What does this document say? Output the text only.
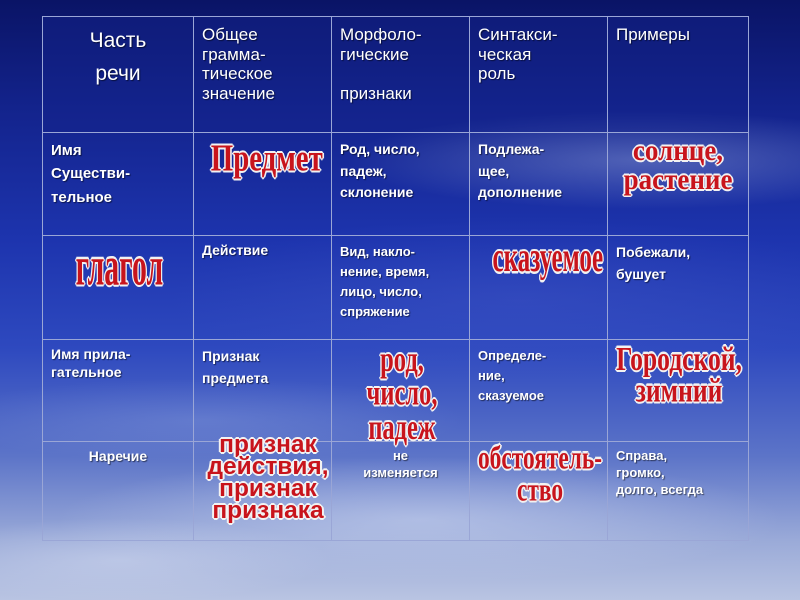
Часть
речи	Общее
грамма-
тическое
значение	Морфоло-
гические

признаки	Синтакси-
ческая
роль	Примеры

Имя
Существи-
тельное	Предмет	Род, число,
падеж,
склонение	Подлежа-
щее,
дополнение	солнце,
растение

глагол	Действие	Вид, накло-
нение, время,
лицо, число,
спряжение	сказуемое	Побежали,
бушует

Имя прила-
гательное	Признак
предмета	род, число,
падеж	Определе-
ние,
сказуемое	Городской,
зимний

Наречие	признак
действия,
признак
признака	не
изменяется	обстоятель-
ство	Справа,
громко,
долго, всегда
